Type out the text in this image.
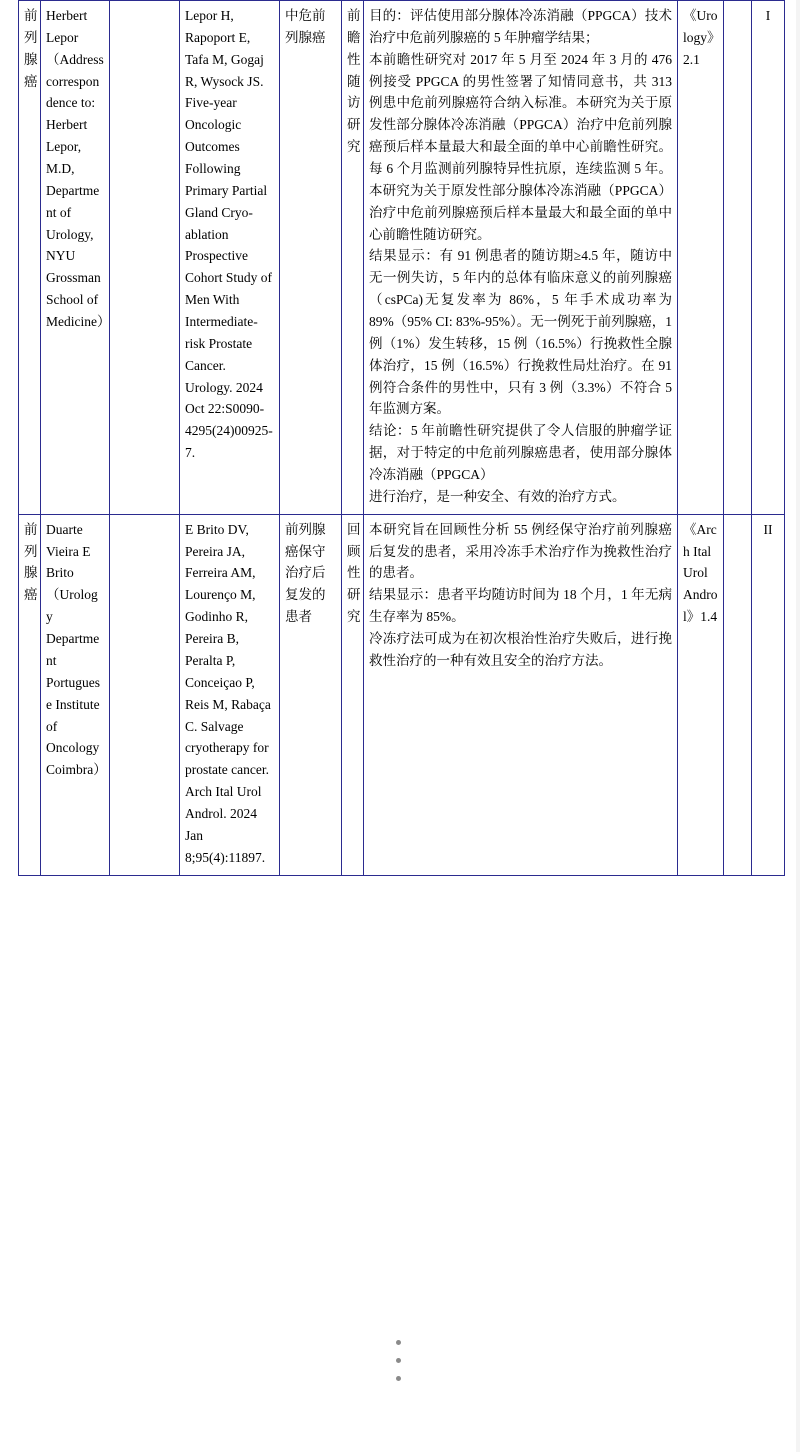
前列腺癌	Herbert Lepor（Address correspondence to: Herbert Lepor, M.D, Department of Urology, NYU Grossman School of Medicine）		Lepor H, Rapoport E, Tafa M, Gogaj R, Wysock JS. Five-year Oncologic Outcomes Following Primary Partial Gland Cryo-ablation Prospective Cohort Study of Men With Intermediate-risk Prostate Cancer. Urology. 2024 Oct 22:S0090-4295(24)00925-7.	中危前列腺癌	前瞻性随访研究	

目的：评估使用部分腺体冷冻消融（PPGCA）技术治疗中危前列腺癌的 5 年肿瘤学结果；

本前瞻性研究对 2017 年 5 月至 2024 年 3 月的 476 例接受 PPGCA 的男性签署了知情同意书，共 313 例患中危前列腺癌符合纳入标准。本研究为关于原发性部分腺体冷冻消融（PPGCA）治疗中危前列腺癌预后样本量最大和最全面的单中心前瞻性研究。每 6 个月监测前列腺特异性抗原，连续监测 5 年。本研究为关于原发性部分腺体冷冻消融（PPGCA）治疗中危前列腺癌预后样本量最大和最全面的单中心前瞻性随访研究。

结果显示：有 91 例患者的随访期≥4.5 年，随访中无一例失访，5 年内的总体有临床意义的前列腺癌（csPCa)无复发率为 86%，5 年手术成功率为 89%（95% CI: 83%-95%）。无一例死于前列腺癌，1 例（1%）发生转移，15 例（16.5%）行挽救性全腺体治疗，15 例（16.5%）行挽救性局灶治疗。在 91 例符合条件的男性中，只有 3 例（3.3%）不符合 5 年监测方案。

结论：5 年前瞻性研究提供了令人信服的肿瘤学证据，对于特定的中危前列腺癌患者，使用部分腺体冷冻消融（PPGCA）

进行治疗，是一种安全、有效的治疗方式。

	《Urology》2.1		I
前列腺癌	Duarte Vieira E Brito（Urology Department Portuguese Institute of Oncology Coimbra）		E Brito DV, Pereira JA, Ferreira AM, Lourenço M, Godinho R, Pereira B, Peralta P, Conceiçao P, Reis M, Rabaça C. Salvage cryotherapy for prostate cancer. Arch Ital Urol Androl. 2024 Jan 8;95(4):11897.	前列腺癌保守治疗后复发的患者	回顾性研究	本研究旨在回顾性分析 55 例经保守治疗前列腺癌后复发的患者，采用冷冻手术治疗作为挽救性治疗的患者。

结果显示：患者平均随访时间为 18 个月，1 年无病生存率为 85%。

冷冻疗法可成为在初次根治性治疗失败后，进行挽救性治疗的一种有效且安全的治疗方法。	《Arch Ital Urol Androl》1.4		II
